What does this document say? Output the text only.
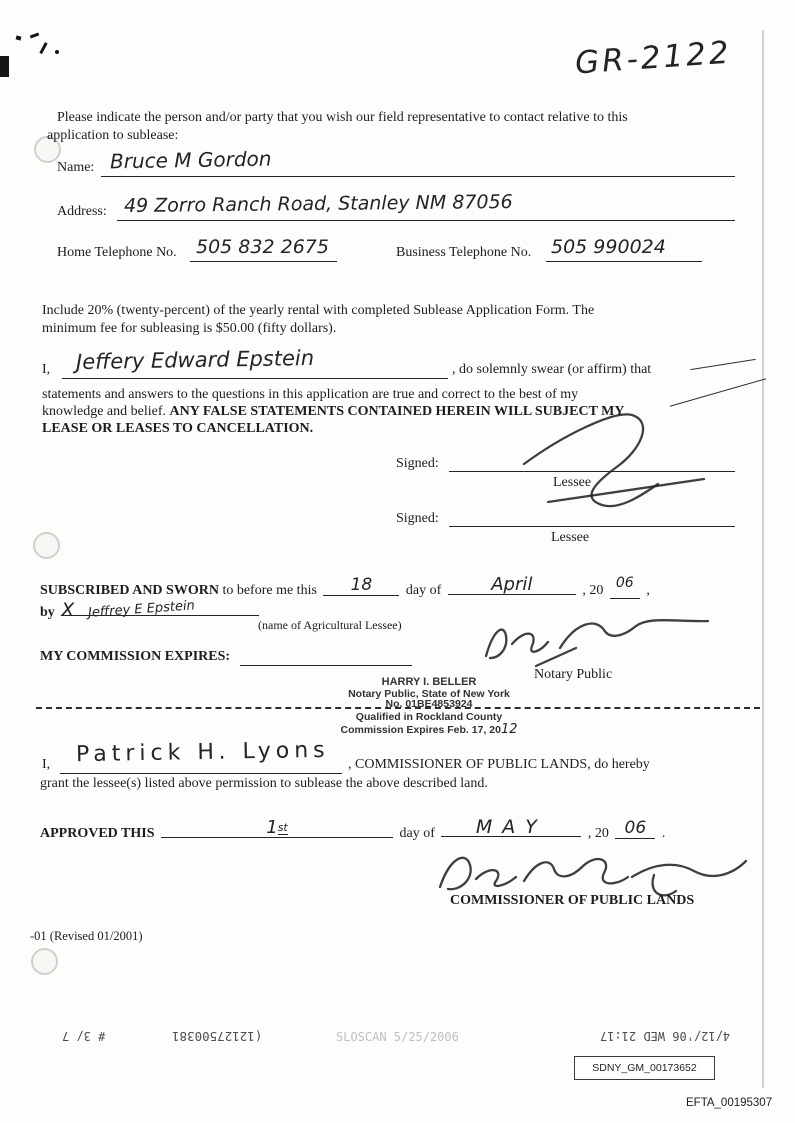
GR-2122
Please indicate the person and/or party that you wish our field representative to contact relative to this
application to sublease:
Name: Bruce M Gordon
Address: 49 Zorro Ranch Road, Stanley NM 87056
Home Telephone No. 505 832 2675	Business Telephone No. 505 990024
Include 20% (twenty-percent) of the yearly rental with completed Sublease Application Form. The
minimum fee for subleasing is $50.00 (fifty dollars).
I, Jeffery Edward Epstein	, do solemnly swear (or affirm) that
statements and answers to the questions in this application are true and correct to the best of my
knowledge and belief. ANY FALSE STATEMENTS CONTAINED HEREIN WILL SUBJECT MY
LEASE OR LEASES TO CANCELLATION.
Signed:
Lessee
Signed:
Lessee
SUBSCRIBED AND SWORN to before me this 18 day of	April	, 20 06 ,
by X Jeffrey E Epstein
(name of Agricultural Lessee)
MY COMMISSION EXPIRES:
Notary Public
HARRY I. BELLER
Notary Public, State of New York
No. 01BE4853924
Qualified in Rockland County
Commission Expires Feb. 17, 2012
I, Patrick H. Lyons , COMMISSIONER OF PUBLIC LANDS, do hereby
grant the lessee(s) listed above permission to sublease the above described land.
APPROVED THIS	1st	day of MAY	, 20 06 .
COMMISSIONER OF PUBLIC LANDS
-01 (Revised 01/2001)
# 3/ 7	(12127500381	SLOSCAN 5/25/2006	4/12/'06 WED 21:17
SDNY_GM_00173652
EFTA_00195307
